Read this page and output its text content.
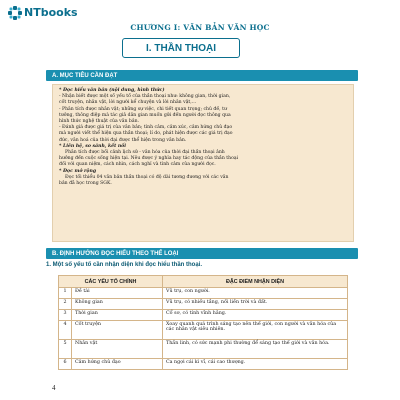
NTbooks
CHƯƠNG I: VĂN BẢN VĂN HỌC
I. THẦN THOẠI
A. MỤC TIÊU CẦN ĐẠT

* Đọc hiểu văn bản (nội dung, hình thức)

- Nhận biết được một số yếu tố của thần thoại như: không gian, thời gian,

cốt truyện, nhân vật, lời người kể chuyện và lời nhân vật,...

- Phân tích được nhân vật; những sự việc, chi tiết quan trọng; chủ đề, tư

tưởng, thông điệp mà tác giả dân gian muốn gửi đến người đọc thông qua

hình thức nghệ thuật của văn bản.

- Đánh giá được giá trị của văn bản; tình cảm, cảm xúc, cảm hứng chủ đạo

mà người viết thể hiện qua thần thoại; lí do, phát hiện được các giá trị đạo

đức, văn hoá của thời đại được thể hiện trong văn bản.

* Liên hệ, so sánh, kết nối

Phân tích được bối cảnh lịch sử - văn hóa của thời đại thần thoại ảnh

hưởng đến cuộc sống hiện tại. Nêu được ý nghĩa hay tác động của thần thoại

đối với quan niệm, cách nhìn, cách nghĩ và tình cảm của người đọc.

* Đọc mở rộng

Đọc tối thiểu 04 văn bản thần thoại có độ dài tương đương với các văn

bản đã học trong SGK.

B. ĐỊNH HƯỚNG ĐỌC HIỂU THEO THỂ LOẠI
1. Một số yếu tố cần nhận diện khi đọc hiểu thần thoại.
CÁC YẾU TỐ CHÍNH		ĐẶC ĐIỂM NHẬN DIỆN
1	Đề tài	Vũ trụ, con người.
2	Không gian	Vũ trụ, có nhiều tầng, nối liền trời và đất.
3	Thời gian	Cổ sơ, có tính vĩnh hằng.
4	Cốt truyện	Xoay quanh quá trình sáng tạo nên thế giới, con người và văn hóa của các nhân vật siêu nhiên.
5	Nhân vật	Thần linh, có sức mạnh phi thường để sáng tạo thế giới và văn hóa.
6	Cảm hứng chủ đạo	Ca ngợi cái kì vĩ, cái cao thượng.
4
